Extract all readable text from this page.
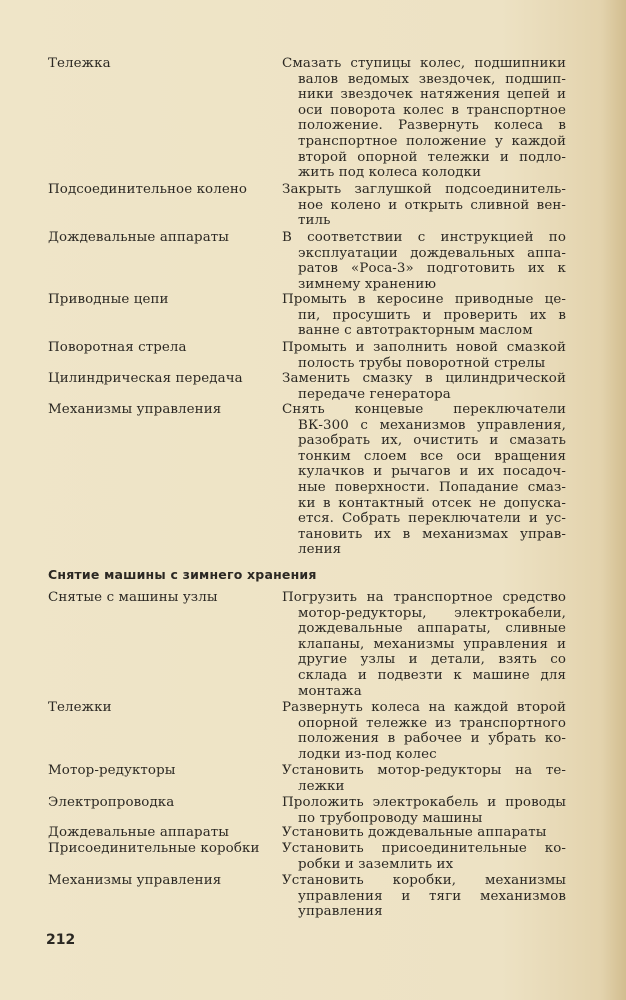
Тележка	Смазать ступицы колес, подшипники
валов ведомых звездочек, подшип-
ники звездочек натяжения цепей и
оси поворота колес в транспортное
положение. Развернуть колеса в
транспортное положение у каждой
второй опорной тележки и подло-
жить под колеса колодки
Подсоединительное колено	Закрыть заглушкой подсоединитель-
ное колено и открыть сливной вен-
тиль
Дождевальные аппараты	В соответствии с инструкцией по
эксплуатации дождевальных аппа-
ратов «Роса-3» подготовить их к
зимнему хранению
Приводные цепи	Промыть в керосине приводные це-
пи, просушить и проверить их в
ванне с автотракторным маслом
Поворотная стрела	Промыть и заполнить новой смазкой
полость трубы поворотной стрелы
Цилиндрическая передача	Заменить смазку в цилиндрической
передаче генератора
Механизмы управления	Снять концевые переключатели
ВК-300 с механизмов управления,
разобрать их, очистить и смазать
тонким слоем все оси вращения
кулачков и рычагов и их посадоч-
ные поверхности. Попадание смаз-
ки в контактный отсек не допуска-
ется. Собрать переключатели и ус-
тановить их в механизмах управ-
ления
Снятие машины с зимнего хранения
Снятые с машины узлы	Погрузить на транспортное средство
мотор-редукторы, электрокабели,
дождевальные аппараты, сливные
клапаны, механизмы управления и
другие узлы и детали, взять со
склада и подвезти к машине для
монтажа
Тележки	Развернуть колеса на каждой второй
опорной тележке из транспортного
положения в рабочее и убрать ко-
лодки из-под колес
Мотор-редукторы	Установить мотор-редукторы на те-
лежки
Электропроводка	Проложить электрокабель и проводы
по трубопроводу машины
Дождевальные аппараты	Установить дождевальные аппараты
Присоединительные коробки	Установить присоединительные ко-
робки и заземлить их
Механизмы управления	Установить коробки, механизмы
управления и тяги механизмов
управления
212
